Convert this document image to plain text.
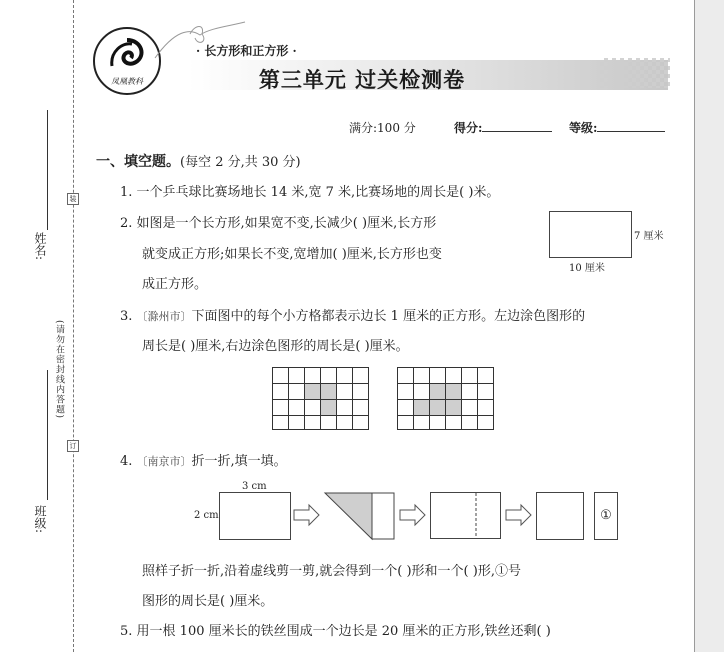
姓名:
装
(请勿在密封线内答题)
订
班级:
凤凰教科
· 长方形和正方形 ·
第三单元 过关检测卷
满分:100 分	得分:	等级:
一、填空题。(每空 2 分,共 30 分)
1. 一个乒乓球比赛场地长 14 米,宽 7 米,比赛场地的周长是( )米。
2. 如图是一个长方形,如果宽不变,长减少( )厘米,长方形
就变成正方形;如果长不变,宽增加( )厘米,长方形也变
成正方形。
7 厘米
10 厘米
3. 〔滁州市〕下面图中的每个小方格都表示边长 1 厘米的正方形。左边涂色图形的
周长是( )厘米,右边涂色图形的周长是( )厘米。
4. 〔南京市〕折一折,填一填。
3 cm
2 cm	①
照样子折一折,沿着虚线剪一剪,就会得到一个( )形和一个( )形,①号
图形的周长是( )厘米。
5. 用一根 100 厘米长的铁丝围成一个边长是 20 厘米的正方形,铁丝还剩( )
